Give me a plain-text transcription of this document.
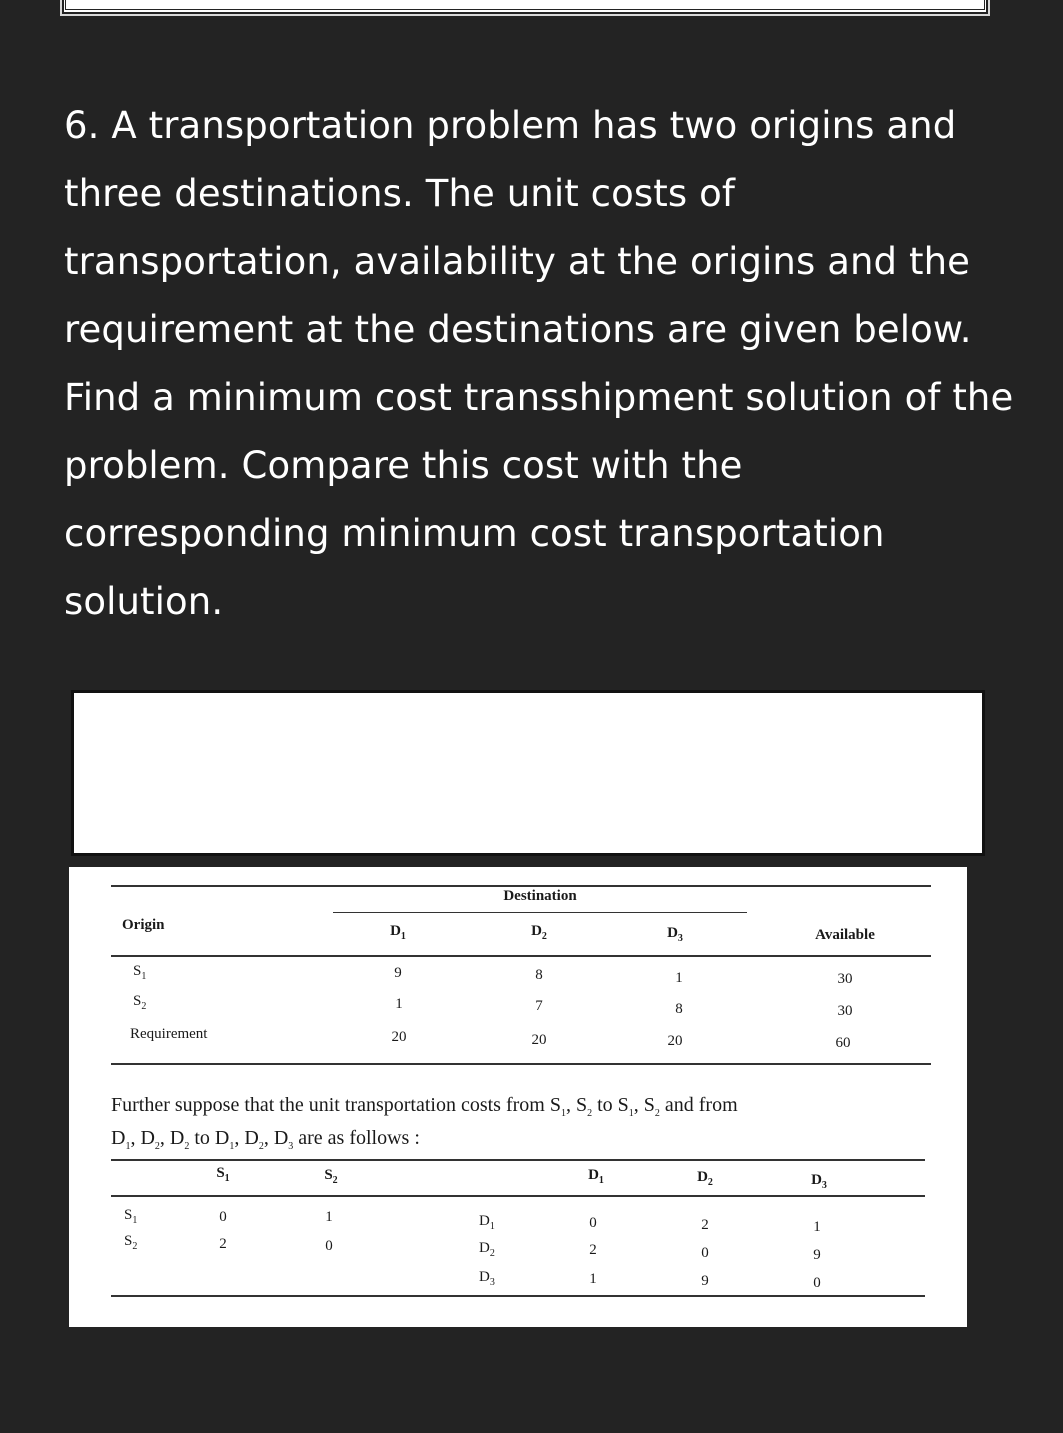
6. A transportation problem has two origins and
three destinations. The unit costs of
transportation, availability at the origins and the
requirement at the destinations are given below.
Find a minimum cost transshipment solution of the
problem. Compare this cost with the
corresponding minimum cost transportation
solution.
Destination
Origin
Available
$D_1$	$D_2$	$D_3$
$S_1$	9	8	1	30
$S_2$	1	7	8	30
Requirement	20	20	20	60
Further suppose that the unit transportation costs from $S_1$, $S_2$ to $S_1$, $S_2$ and from
$D_1$, $D_2$, $D_2$ to $D_1$, $D_2$, $D_3$ are as follows :
$S_1$	$S_2$
$S_1$	0	1
$S_2$	2	0
$D_1$	$D_2$	$D_3$
$D_1$	0	2	1
$D_2$	2	0	9
$D_3$	1	9	0
